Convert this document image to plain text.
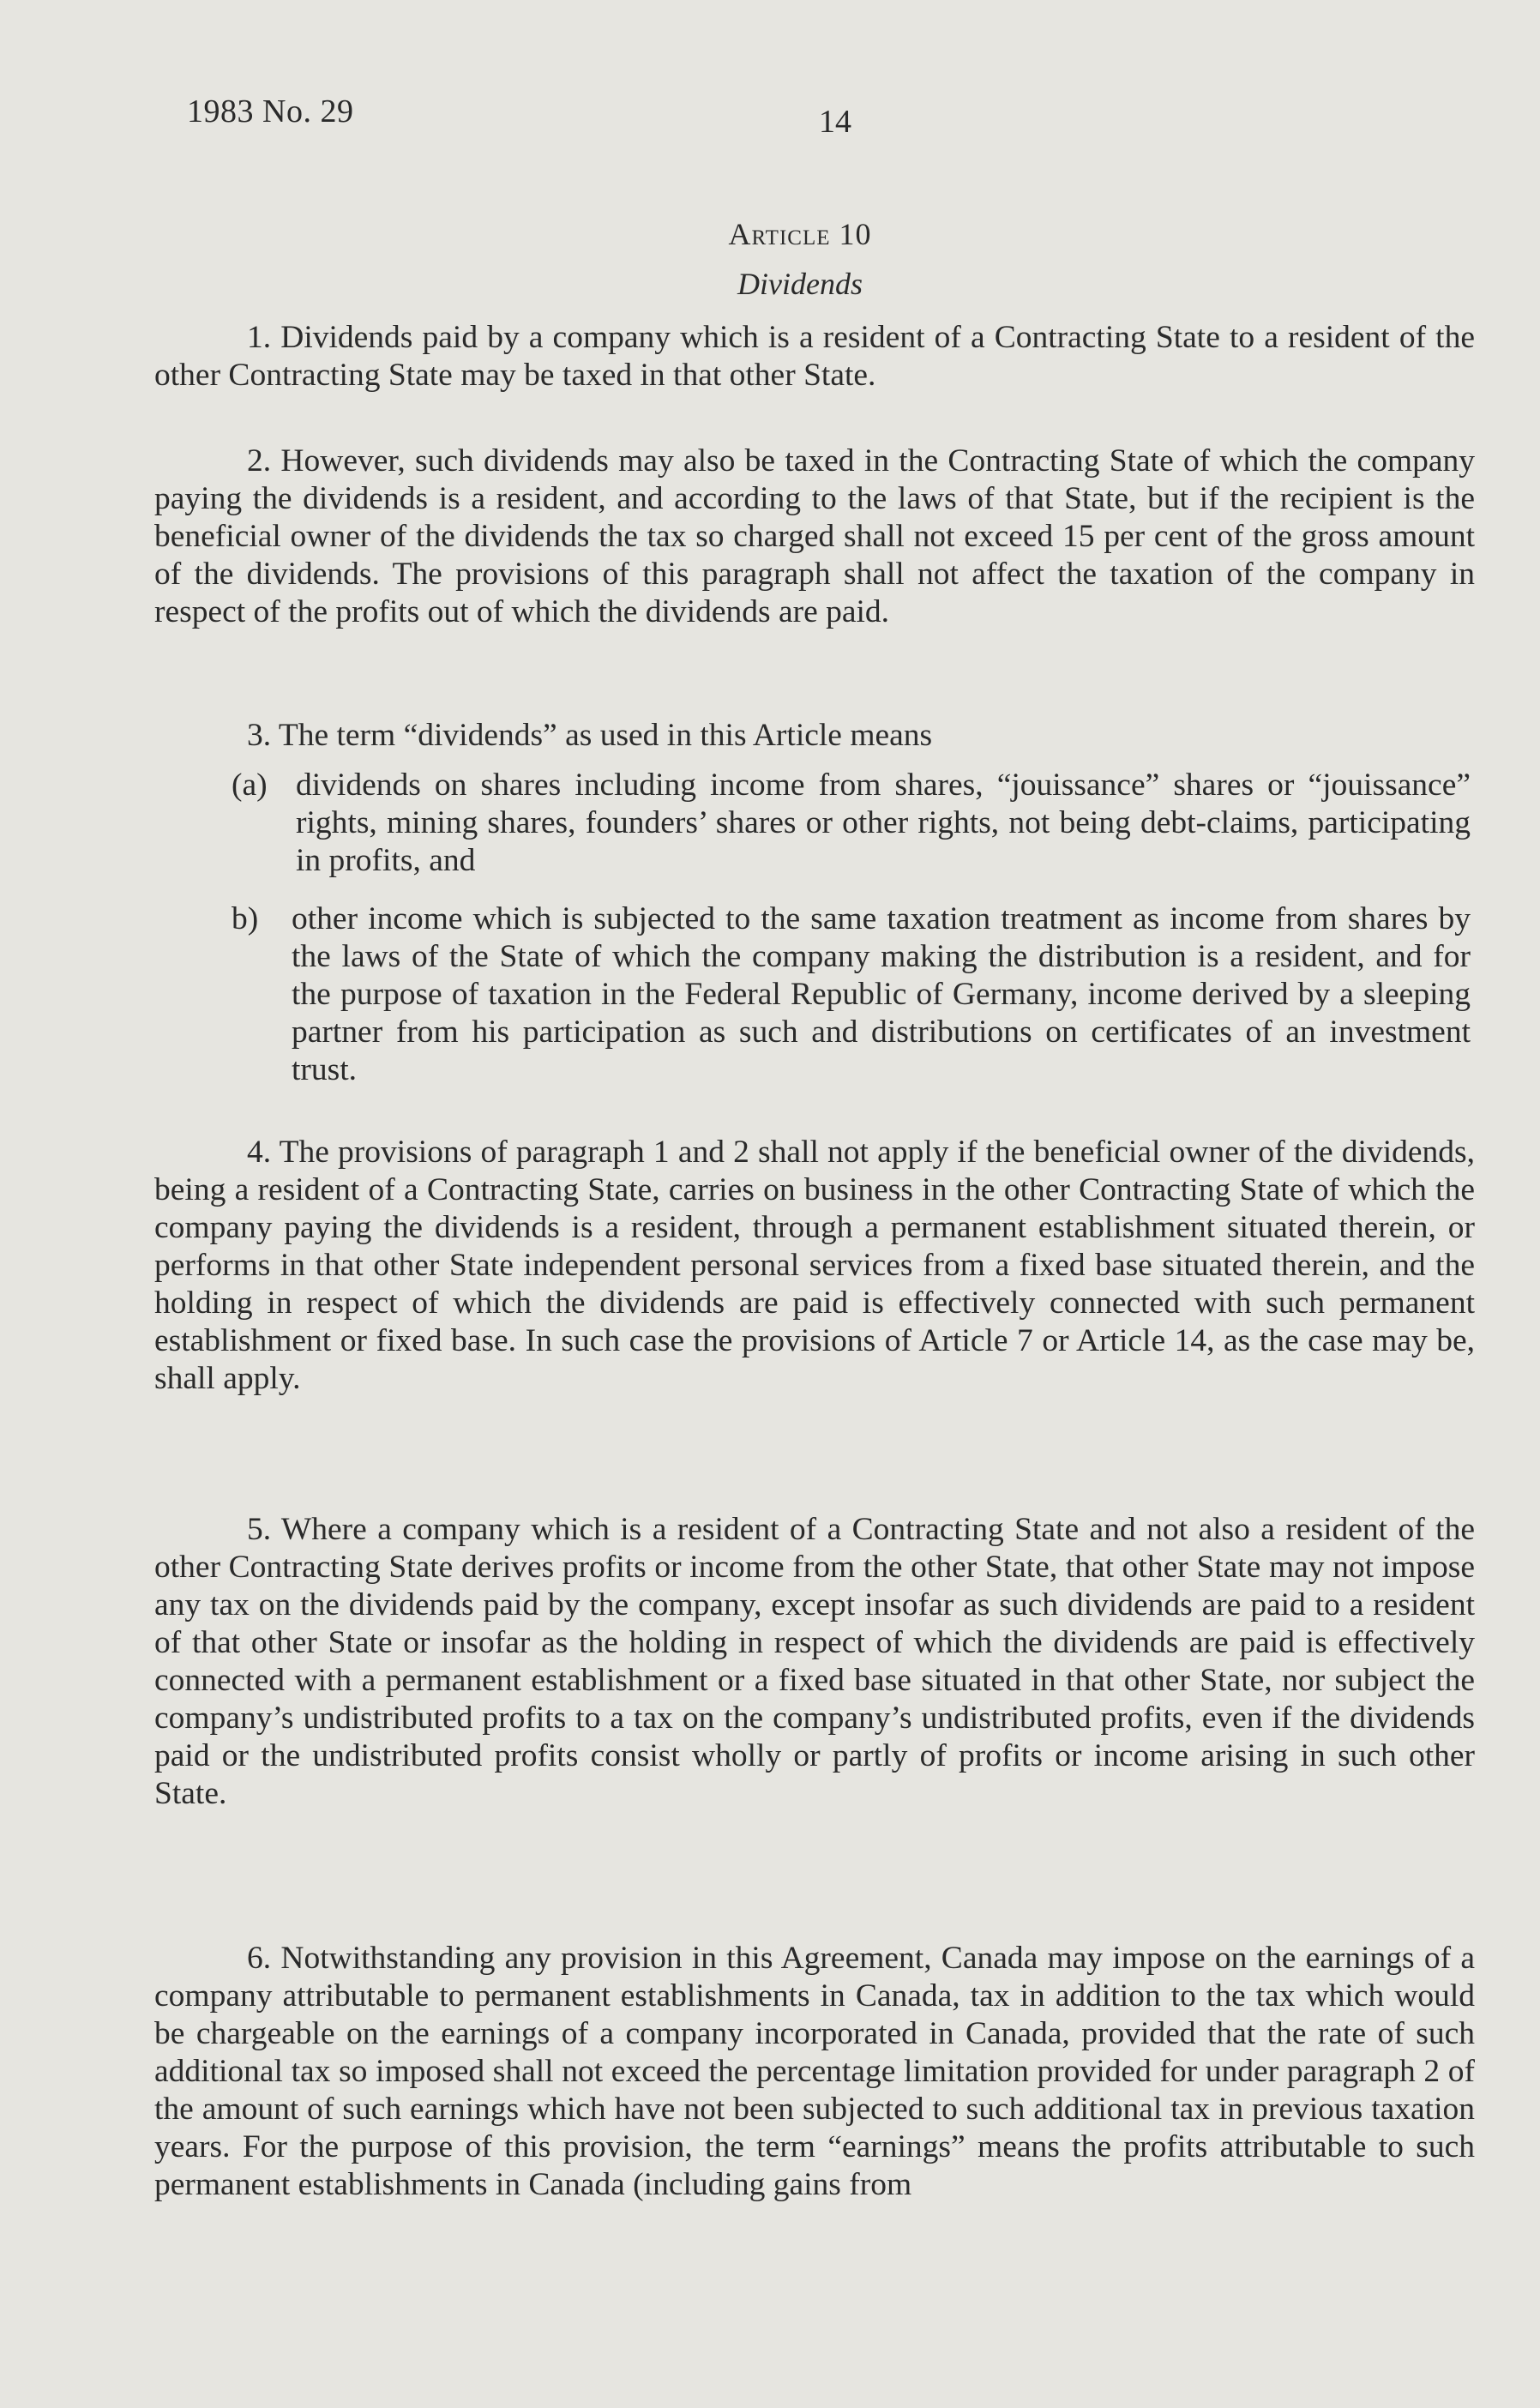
1983 No. 29	14
Article 10
Dividends

1. Dividends paid by a company which is a resident of a Contracting State to a resident of the other Contracting State may be taxed in that other State.

2. However, such dividends may also be taxed in the Contracting State of which the company paying the dividends is a resident, and according to the laws of that State, but if the recipient is the beneficial owner of the dividends the tax so charged shall not exceed 15 per cent of the gross amount of the dividends. The provisions of this paragraph shall not affect the taxation of the company in respect of the profits out of which the dividends are paid.

3. The term “dividends” as used in this Article means

(a) dividends on shares including income from shares, “jouissance” shares or “jouissance” rights, mining shares, founders’ shares or other rights, not being debt-claims, participating in profits, and
b) other income which is subjected to the same taxation treatment as income from shares by the laws of the State of which the company making the distribution is a resident, and for the purpose of taxation in the Federal Republic of Germany, income derived by a sleeping partner from his participation as such and distributions on certificates of an investment trust.

4. The provisions of paragraph 1 and 2 shall not apply if the beneficial owner of the dividends, being a resident of a Contracting State, carries on business in the other Contracting State of which the company paying the dividends is a resident, through a permanent establishment situated therein, or performs in that other State independent personal services from a fixed base situated therein, and the holding in respect of which the dividends are paid is effectively connected with such permanent establishment or fixed base. In such case the provisions of Article 7 or Article 14, as the case may be, shall apply.

5. Where a company which is a resident of a Contracting State and not also a resident of the other Contracting State derives profits or income from the other State, that other State may not impose any tax on the dividends paid by the company, except insofar as such dividends are paid to a resident of that other State or insofar as the holding in respect of which the dividends are paid is effectively connected with a permanent establishment or a fixed base situated in that other State, nor subject the company’s undistributed profits to a tax on the company’s undistributed profits, even if the dividends paid or the undistributed profits consist wholly or partly of profits or income arising in such other State.

6. Notwithstanding any provision in this Agreement, Canada may impose on the earnings of a company attributable to permanent establishments in Canada, tax in addition to the tax which would be chargeable on the earnings of a company incorporated in Canada, provided that the rate of such additional tax so imposed shall not exceed the percentage limitation provided for under paragraph 2 of the amount of such earnings which have not been subjected to such additional tax in previous taxation years. For the purpose of this provision, the term “earnings” means the profits attributable to such permanent establishments in Canada (including gains from
